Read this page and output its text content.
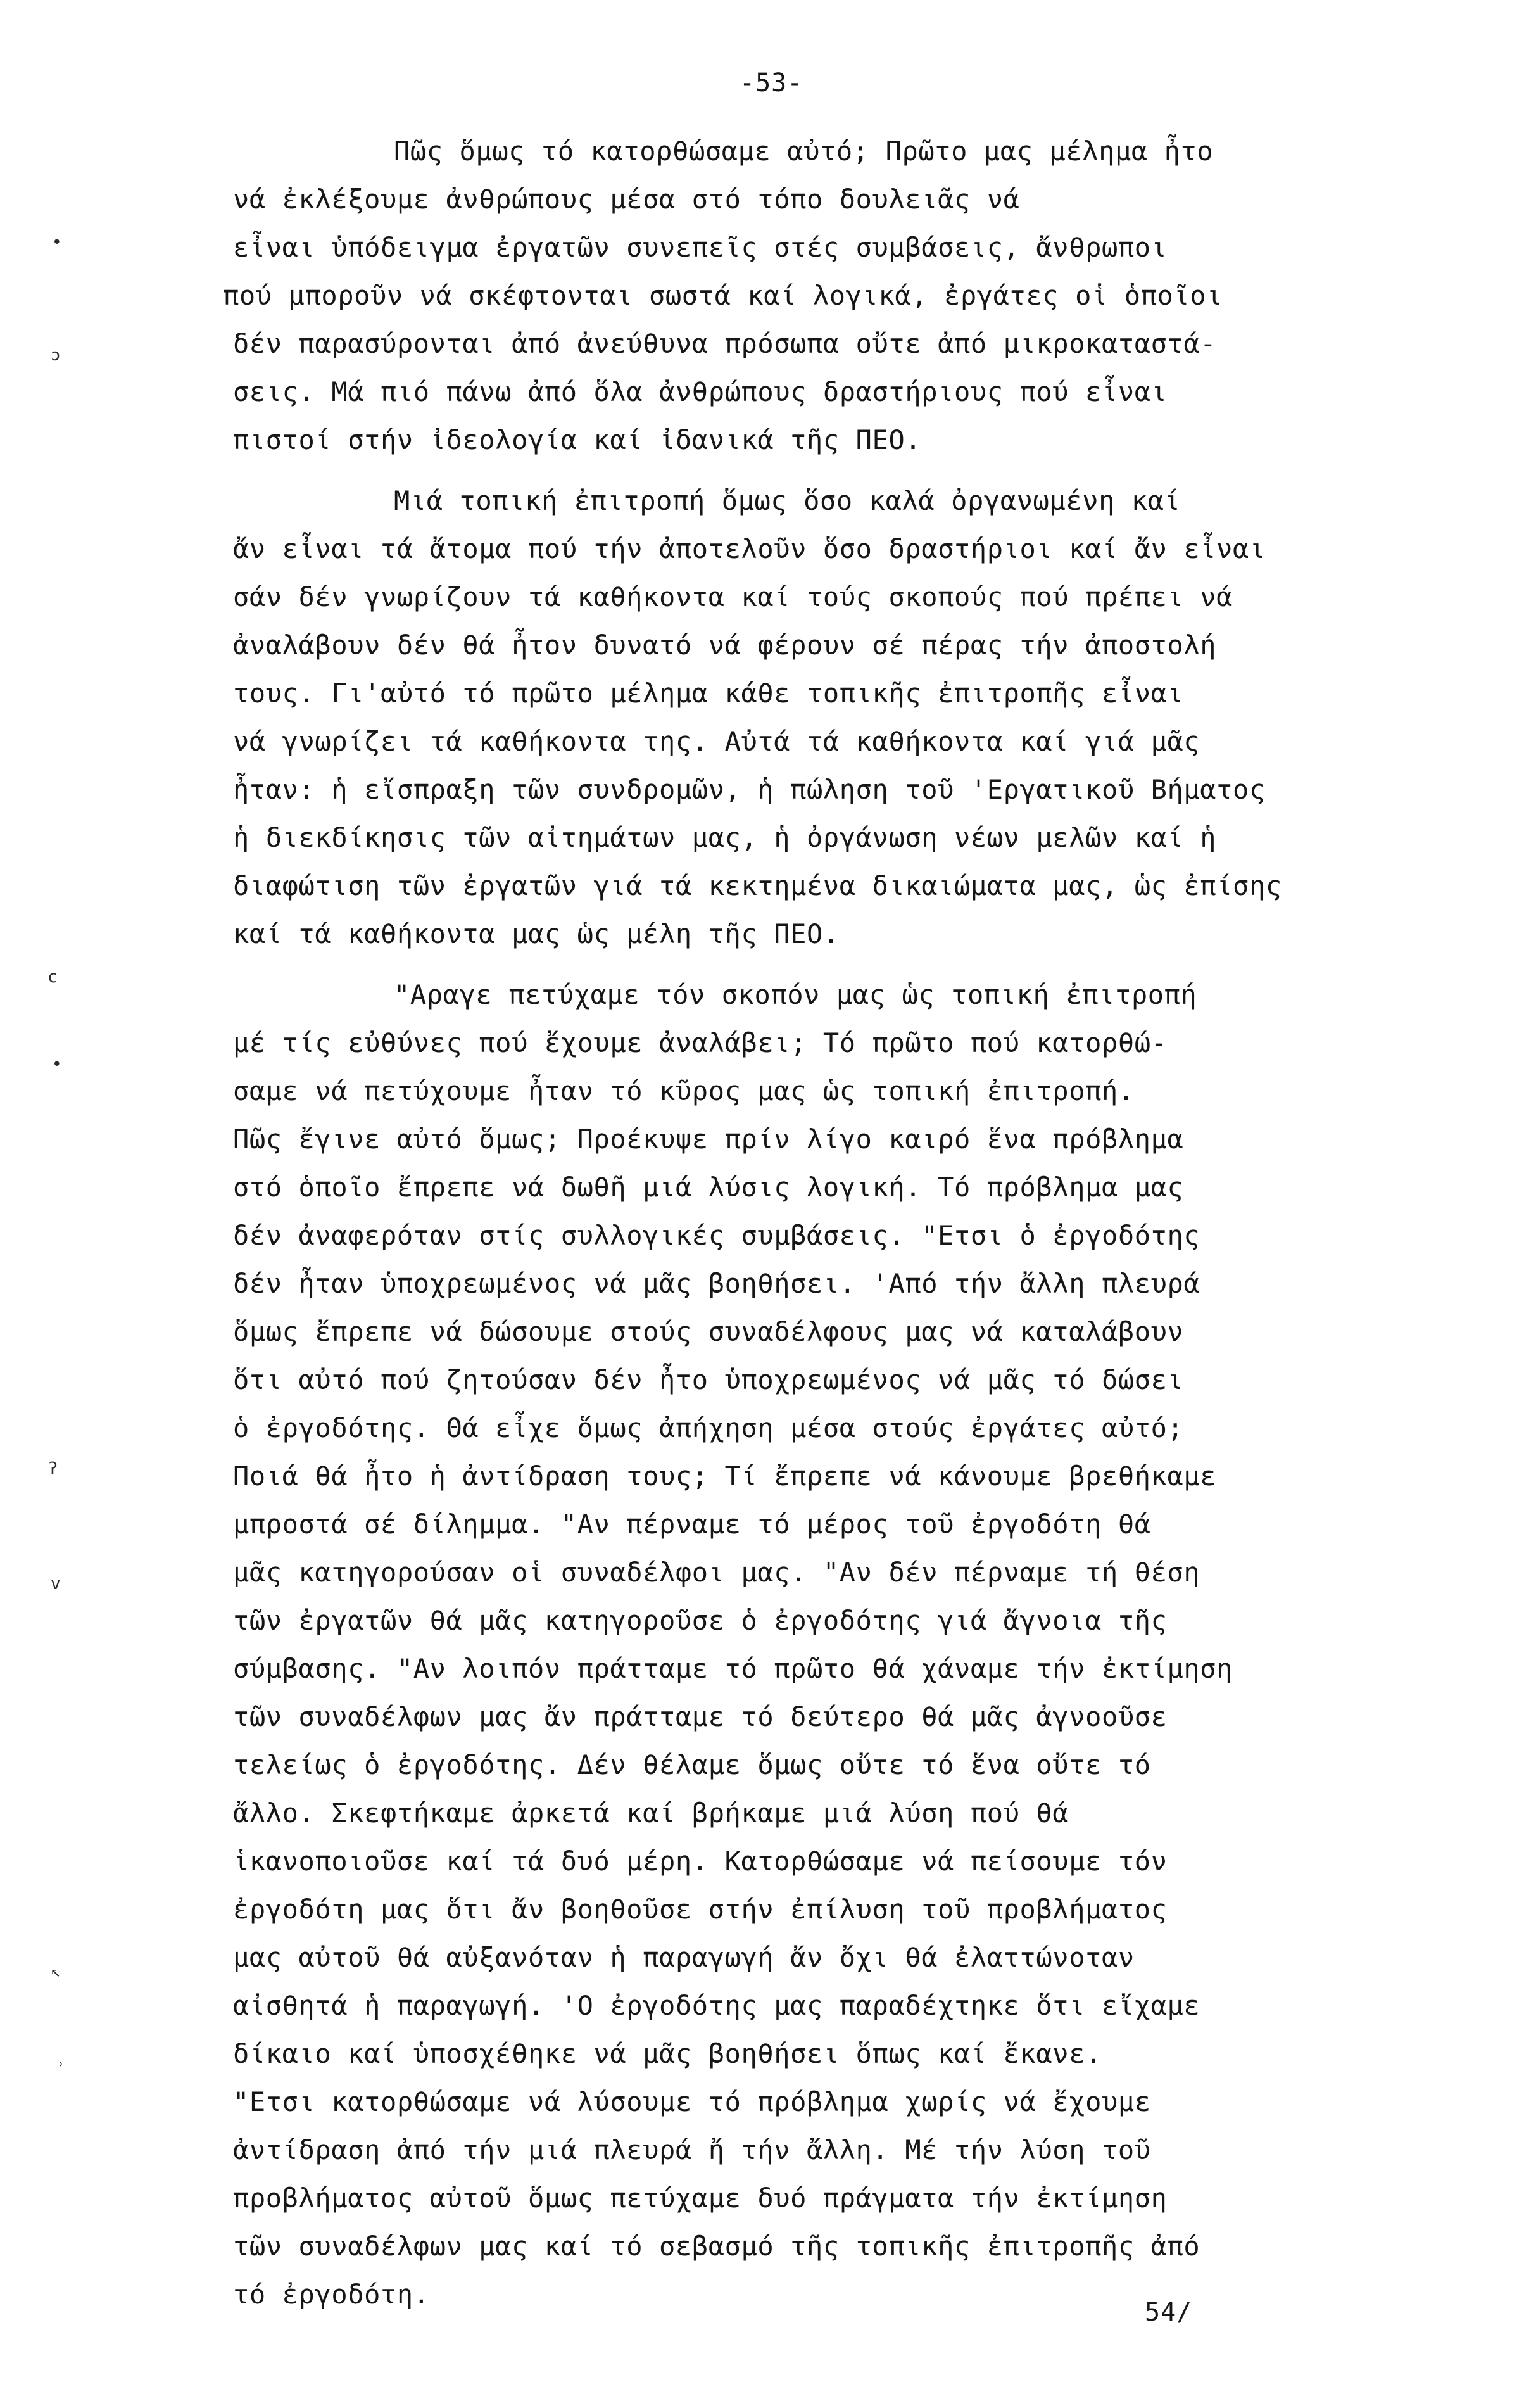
-53-
•
ɔ
ⅽ
•
ʔ
v
↖
ʾ
Πῶς ὅμως τό κατορθώσαμε αὐτό; Πρῶτο μας μέλημα ἦτο
νά ἐκλέξουμε ἀνθρώπους μέσα στό τόπο δουλειᾶς νά
εἶναι ὑπόδειγμα ἐργατῶν συνεπεῖς στές συμβάσεις, ἄνθρωποι
πού μποροῦν νά σκέφτονται σωστά καί λογικά, ἐργάτες οἱ ὁποῖοι
δέν παρασύρονται ἀπό ἀνεύθυνα πρόσωπα οὔτε ἀπό μικροκαταστά-
σεις. Μά πιό πάνω ἀπό ὅλα ἀνθρώπους δραστήριους πού εἶναι
πιστοί στήν ἰδεολογία καί ἰδανικά τῆς ΠΕΟ.
Μιά τοπική ἐπιτροπή ὅμως ὅσο καλά ὀργανωμένη καί
ἄν εἶναι τά ἄτομα πού τήν ἀποτελοῦν ὅσο δραστήριοι καί ἄν εἶναι
σάν δέν γνωρίζουν τά καθήκοντα καί τούς σκοπούς πού πρέπει νά
ἀναλάβουν δέν θά ἦτον δυνατό νά φέρουν σέ πέρας τήν ἀποστολή
τους. Γι'αὐτό τό πρῶτο μέλημα κάθε τοπικῆς ἐπιτροπῆς εἶναι
νά γνωρίζει τά καθήκοντα της. Αὐτά τά καθήκοντα καί γιά μᾶς
ἦταν: ἡ εἴσπραξη τῶν συνδρομῶν, ἡ πώληση τοῦ 'Εργατικοῦ Βήματος
ἡ διεκδίκησις τῶν αἰτημάτων μας, ἡ ὀργάνωση νέων μελῶν καί ἡ
διαφώτιση τῶν ἐργατῶν γιά τά κεκτημένα δικαιώματα μας, ὡς ἐπίσης
καί τά καθήκοντα μας ὡς μέλη τῆς ΠΕΟ.
"Αραγε πετύχαμε τόν σκοπόν μας ὡς τοπική ἐπιτροπή
μέ τίς εὐθύνες πού ἔχουμε ἀναλάβει; Τό πρῶτο πού κατορθώ-
σαμε νά πετύχουμε ἦταν τό κῦρος μας ὡς τοπική ἐπιτροπή.
Πῶς ἔγινε αὐτό ὅμως; Προέκυψε πρίν λίγο καιρό ἕνα πρόβλημα
στό ὁποῖο ἔπρεπε νά δωθῆ μιά λύσις λογική. Τό πρόβλημα μας
δέν ἀναφερόταν στίς συλλογικές συμβάσεις. "Ετσι ὁ ἐργοδότης
δέν ἦταν ὑποχρεωμένος νά μᾶς βοηθήσει. 'Από τήν ἄλλη πλευρά
ὅμως ἔπρεπε νά δώσουμε στούς συναδέλφους μας νά καταλάβουν
ὅτι αὐτό πού ζητούσαν δέν ἦτο ὑποχρεωμένος νά μᾶς τό δώσει
ὁ ἐργοδότης. Θά εἶχε ὅμως ἀπήχηση μέσα στούς ἐργάτες αὐτό;
Ποιά θά ἦτο ἡ ἀντίδραση τους; Τί ἔπρεπε νά κάνουμε βρεθήκαμε
μπροστά σέ δίλημμα. "Αν πέρναμε τό μέρος τοῦ ἐργοδότη θά
μᾶς κατηγορούσαν οἱ συναδέλφοι μας. "Αν δέν πέρναμε τή θέση
τῶν ἐργατῶν θά μᾶς κατηγοροῦσε ὁ ἐργοδότης γιά ἄγνοια τῆς
σύμβασης. "Αν λοιπόν πράτταμε τό πρῶτο θά χάναμε τήν ἐκτίμηση
τῶν συναδέλφων μας ἄν πράτταμε τό δεύτερο θά μᾶς ἀγνοοῦσε
τελείως ὁ ἐργοδότης. Δέν θέλαμε ὅμως οὔτε τό ἕνα οὔτε τό
ἄλλο. Σκεφτήκαμε ἀρκετά καί βρήκαμε μιά λύση πού θά
ἱκανοποιοῦσε καί τά δυό μέρη. Κατορθώσαμε νά πείσουμε τόν
ἐργοδότη μας ὅτι ἄν βοηθοῦσε στήν ἐπίλυση τοῦ προβλήματος
μας αὐτοῦ θά αὐξανόταν ἡ παραγωγή ἄν ὄχι θά ἐλαττώνοταν
αἰσθητά ἡ παραγωγή. 'Ο ἐργοδότης μας παραδέχτηκε ὅτι εἴχαμε
δίκαιο καί ὑποσχέθηκε νά μᾶς βοηθήσει ὅπως καί ἔκανε.
"Ετσι κατορθώσαμε νά λύσουμε τό πρόβλημα χωρίς νά ἔχουμε
ἀντίδραση ἀπό τήν μιά πλευρά ἤ τήν ἄλλη. Μέ τήν λύση τοῦ
προβλήματος αὐτοῦ ὅμως πετύχαμε δυό πράγματα τήν ἐκτίμηση
τῶν συναδέλφων μας καί τό σεβασμό τῆς τοπικῆς ἐπιτροπῆς ἀπό
τό ἐργοδότη.
54/
